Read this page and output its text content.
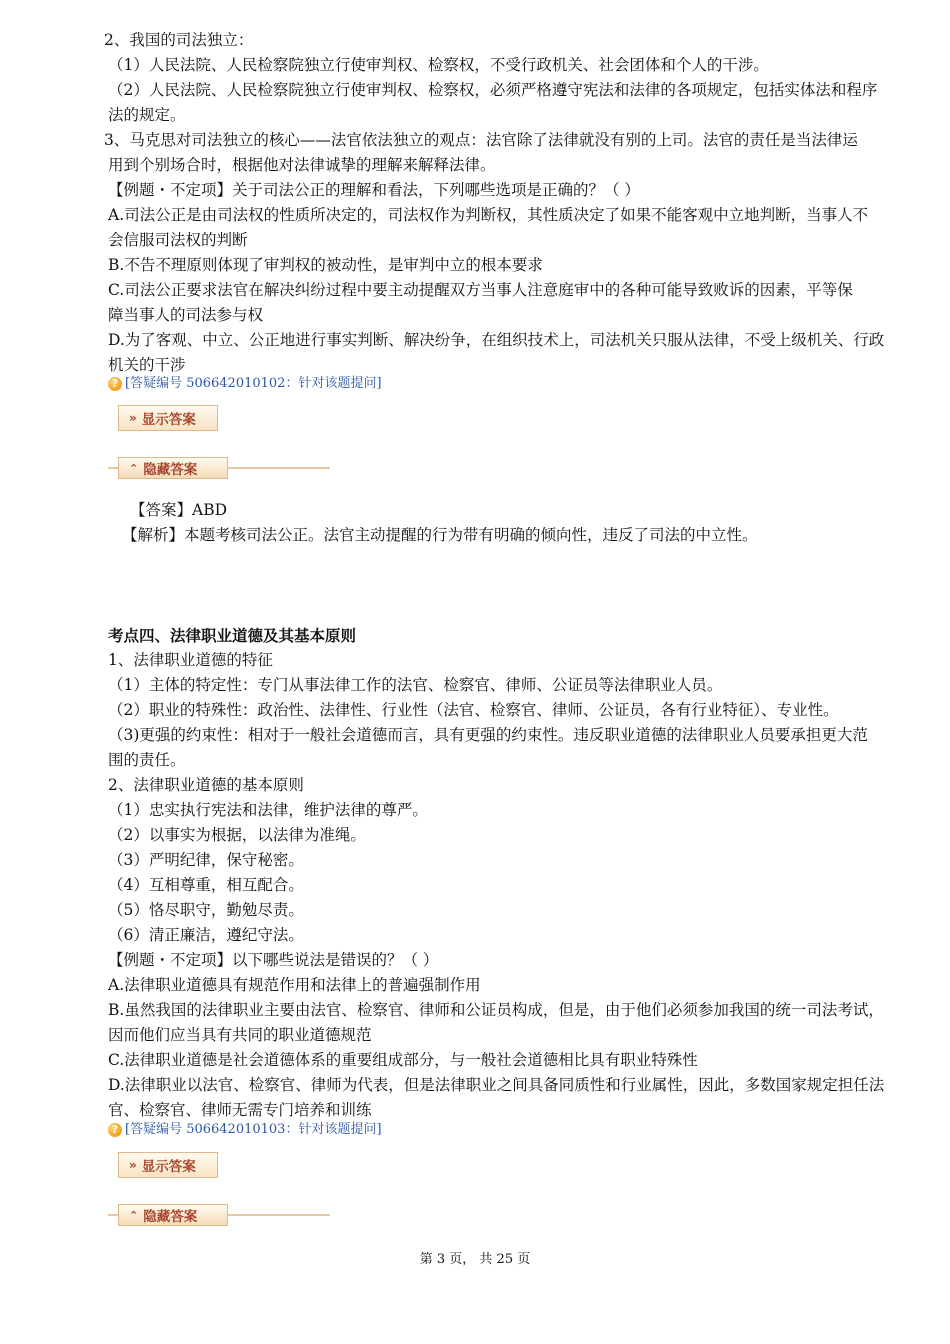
2、我国的司法独立：
（1）人民法院、人民检察院独立行使审判权、检察权，不受行政机关、社会团体和个人的干涉。
（2）人民法院、人民检察院独立行使审判权、检察权，必须严格遵守宪法和法律的各项规定，包括实体法和程序
法的规定。
3、马克思对司法独立的核心——法官依法独立的观点：法官除了法律就没有别的上司。法官的责任是当法律运
用到个别场合时，根据他对法律诚挚的理解来解释法律。
【例题・不定项】关于司法公正的理解和看法，下列哪些选项是正确的？（ ）
A.司法公正是由司法权的性质所决定的，司法权作为判断权，其性质决定了如果不能客观中立地判断，当事人不
会信服司法权的判断
B.不告不理原则体现了审判权的被动性，是审判中立的根本要求
C.司法公正要求法官在解决纠纷过程中要主动提醒双方当事人注意庭审中的各种可能导致败诉的因素，平等保
障当事人的司法参与权
D.为了客观、中立、公正地进行事实判断、解决纷争，在组织技术上，司法机关只服从法律，不受上级机关、行政
机关的干涉
? [答疑编号 506642010102：针对该题提问]
» 显示答案
⌃ 隐藏答案
【答案】ABD
【解析】本题考核司法公正。法官主动提醒的行为带有明确的倾向性，违反了司法的中立性。
考点四、法律职业道德及其基本原则
1、法律职业道德的特征
（1）主体的特定性：专门从事法律工作的法官、检察官、律师、公证员等法律职业人员。
（2）职业的特殊性：政治性、法律性、行业性（法官、检察官、律师、公证员，各有行业特征）、专业性。
（3)更强的约束性：相对于一般社会道德而言，具有更强的约束性。违反职业道德的法律职业人员要承担更大范
围的责任。
2、法律职业道德的基本原则
（1）忠实执行宪法和法律，维护法律的尊严。
（2）以事实为根据，以法律为准绳。
（3）严明纪律，保守秘密。
（4）互相尊重，相互配合。
（5）恪尽职守，勤勉尽责。
（6）清正廉洁，遵纪守法。
【例题・不定项】以下哪些说法是错误的？（ ）
A.法律职业道德具有规范作用和法律上的普遍强制作用
B.虽然我国的法律职业主要由法官、检察官、律师和公证员构成，但是，由于他们必须参加我国的统一司法考试，
因而他们应当具有共同的职业道德规范
C.法律职业道德是社会道德体系的重要组成部分，与一般社会道德相比具有职业特殊性
D.法律职业以法官、检察官、律师为代表，但是法律职业之间具备同质性和行业属性，因此，多数国家规定担任法
官、检察官、律师无需专门培养和训练
? [答疑编号 506642010103：针对该题提问]
» 显示答案
⌃ 隐藏答案
第 3 页， 共 25 页
